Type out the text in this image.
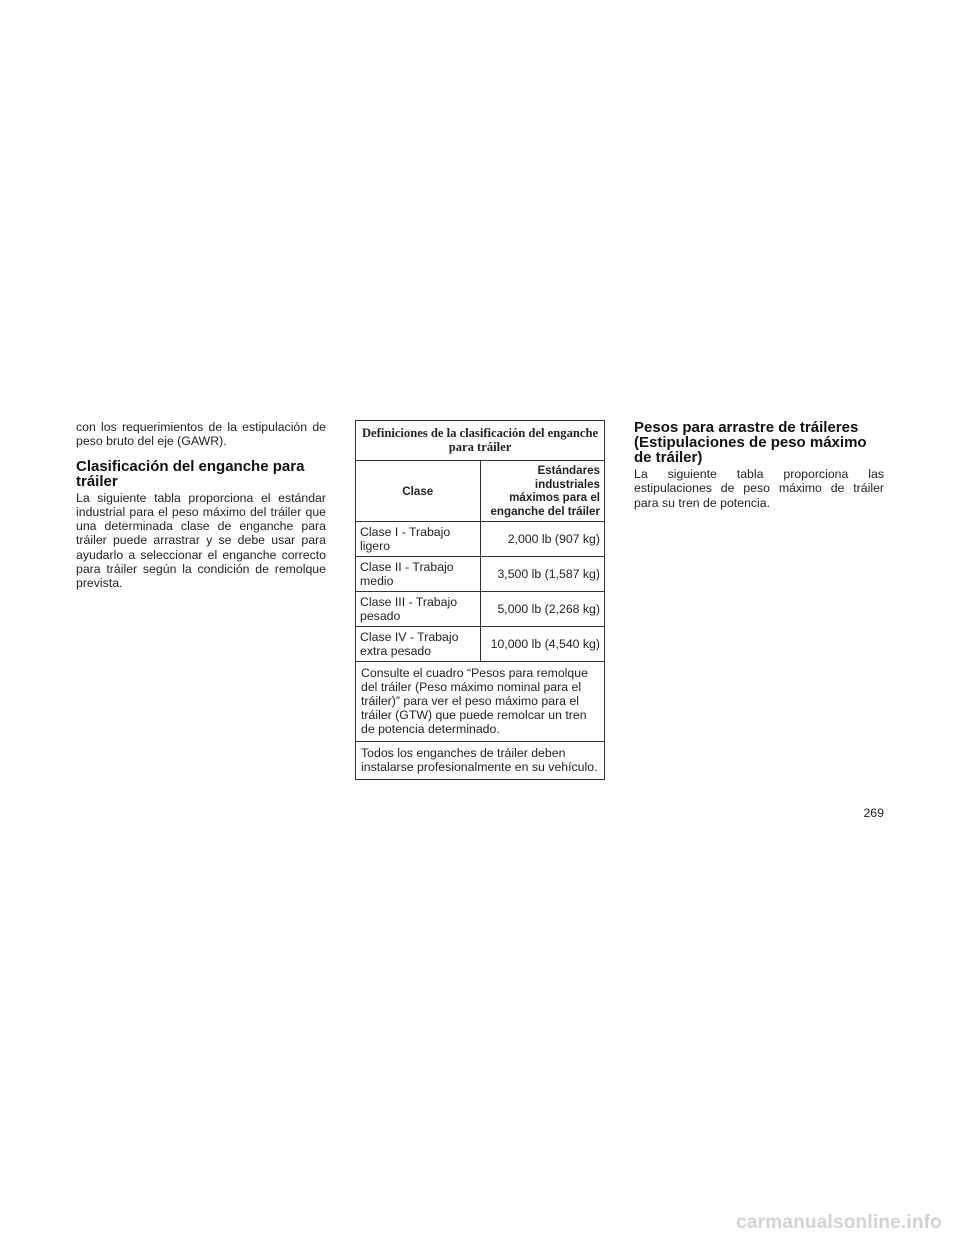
con los requerimientos de la estipulación de peso bruto del eje (GAWR).

Clasificación del enganche para tráiler

La siguiente tabla proporciona el estándar industrial para el peso máximo del tráiler que una determinada clase de enganche para tráiler puede arrastrar y se debe usar para ayudarlo a seleccionar el enganche correcto para tráiler según la condición de remolque prevista.

Definiciones de la clasificación del enganche para tráiler	
Clase	Estándares industriales máximos para el enganche del tráiler
Clase I - Trabajo ligero	2,000 lb (907 kg)
Clase II - Trabajo medio	3,500 lb (1,587 kg)
Clase III - Trabajo pesado	5,000 lb (2,268 kg)
Clase IV - Trabajo extra pesado	10,000 lb (4,540 kg)
Consulte el cuadro “Pesos para remolque del tráiler (Peso máximo nominal para el tráiler)” para ver el peso máximo para el tráiler (GTW) que puede remolcar un tren de potencia determinado.	
Todos los enganches de tráiler deben instalarse profesionalmente en su vehículo.	
Pesos para arrastre de tráileres (Estipulaciones de peso máximo de tráiler)

La siguiente tabla proporciona las estipulaciones de peso máximo de tráiler para su tren de potencia.

269
carmanualsonline.info
